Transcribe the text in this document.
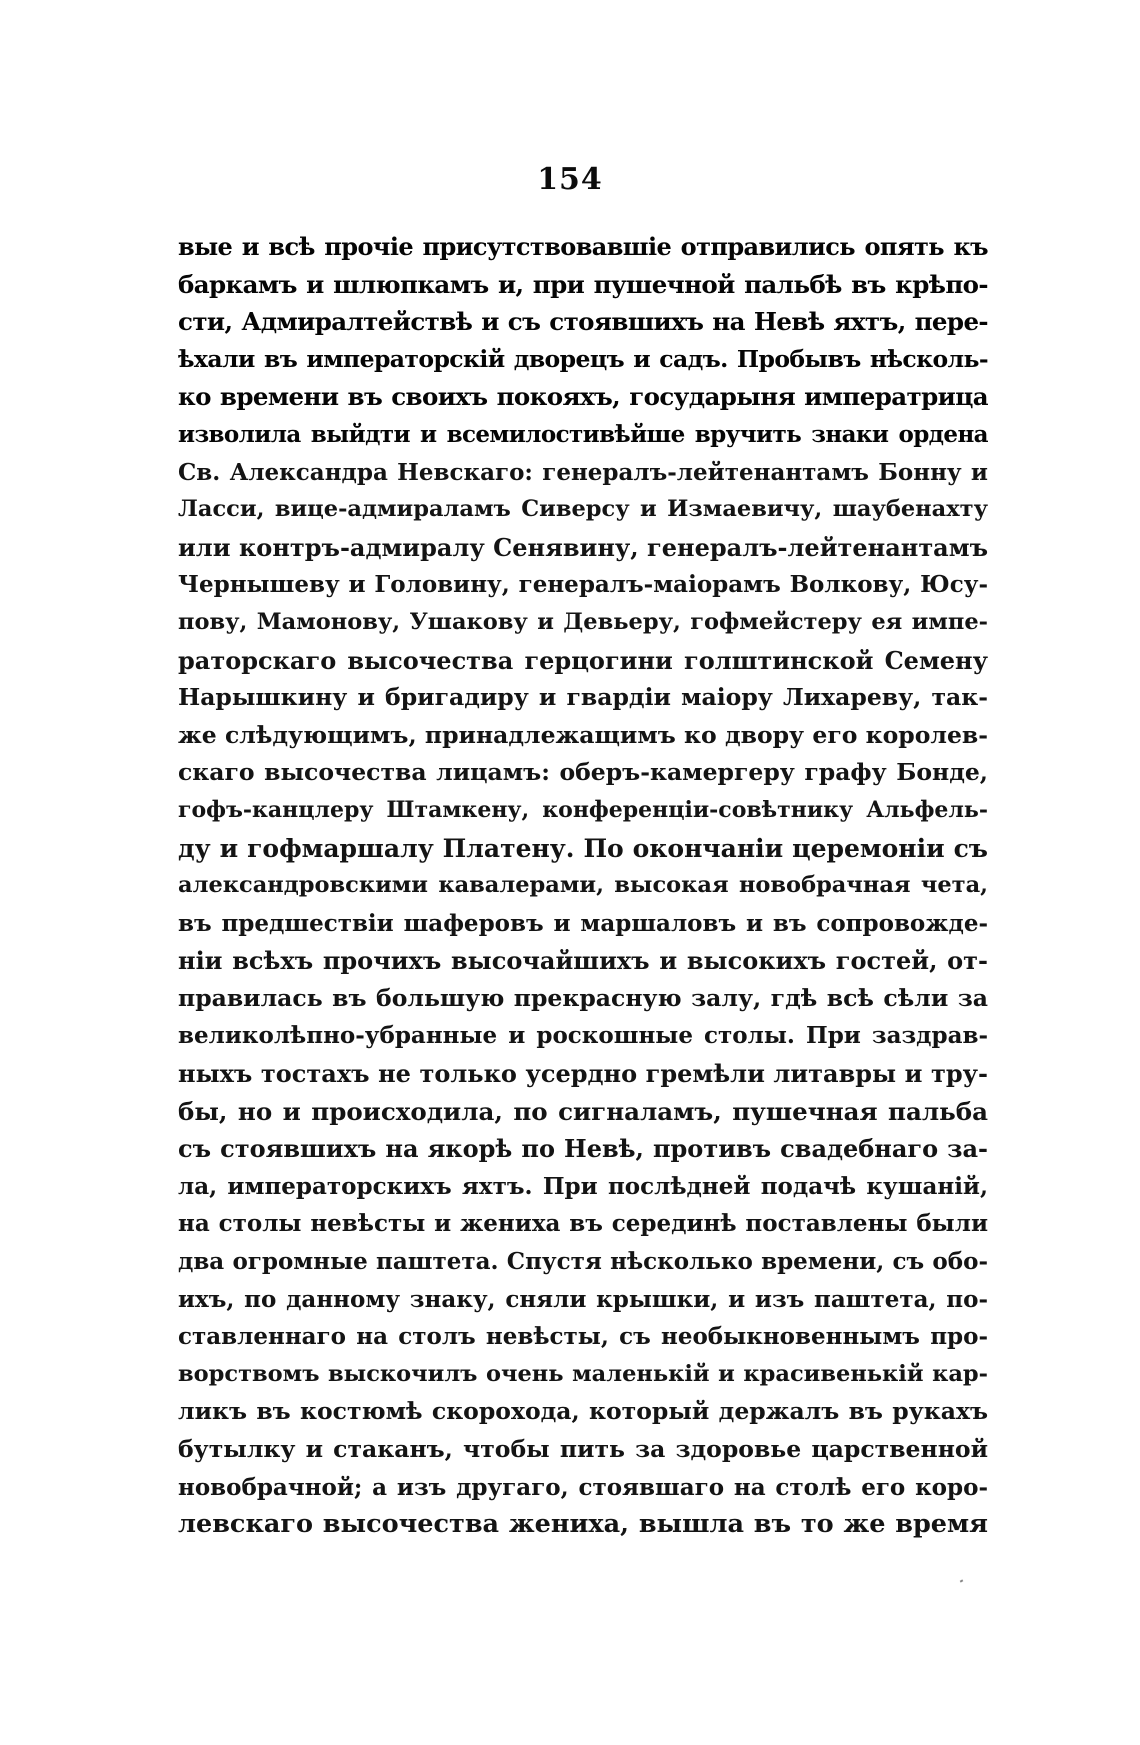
154
вые и всѣ прочіе присутствовавшіе отправились опять къ
баркамъ и шлюпкамъ и, при пушечной пальбѣ въ крѣпо-
сти, Адмиралтействѣ и съ стоявшихъ на Невѣ яхтъ, пере-
ѣхали въ императорскій дворецъ и садъ. Пробывъ нѣсколь-
ко времени въ своихъ покояхъ, государыня императрица
изволила выйдти и всемилостивѣйше вручить знаки ордена
Св. Александра Невскаго: генералъ-лейтенантамъ Бонну и
Ласси, вице-адмираламъ Сиверсу и Измаевичу, шаубенахту
или контръ-адмиралу Сенявину, генералъ-лейтенантамъ
Чернышеву и Головину, генералъ-маіорамъ Волкову, Юсу-
пову, Мамонову, Ушакову и Девьеру, гофмейстеру ея импе-
раторскаго высочества герцогини голштинской Семену
Нарышкину и бригадиру и гвардіи маіору Лихареву, так-
же слѣдующимъ, принадлежащимъ ко двору его королев-
скаго высочества лицамъ: оберъ-камергеру графу Бонде,
гофъ-канцлеру Штамкену, конференціи-совѣтнику Альфель-
ду и гофмаршалу Платену. По окончаніи церемоніи съ
александровскими кавалерами, высокая новобрачная чета,
въ предшествіи шаферовъ и маршаловъ и въ сопровожде-
ніи всѣхъ прочихъ высочайшихъ и высокихъ гостей, от-
правилась въ большую прекрасную залу, гдѣ всѣ сѣли за
великолѣпно-убранные и роскошные столы. При заздрав-
ныхъ тостахъ не только усердно гремѣли литавры и тру-
бы, но и происходила, по сигналамъ, пушечная пальба
съ стоявшихъ на якорѣ по Невѣ, противъ свадебнаго за-
ла, императорскихъ яхтъ. При послѣдней подачѣ кушаній,
на столы невѣсты и жениха въ серединѣ поставлены были
два огромные паштета. Спустя нѣсколько времени, съ обо-
ихъ, по данному знаку, сняли крышки, и изъ паштета, по-
ставленнаго на столъ невѣсты, съ необыкновеннымъ про-
ворствомъ выскочилъ очень маленькій и красивенькій кар-
ликъ въ костюмѣ скорохода, который держалъ въ рукахъ
бутылку и стаканъ, чтобы пить за здоровье царственной
новобрачной; а изъ другаго, стоявшаго на столѣ его коро-
левскаго высочества жениха, вышла въ то же время
